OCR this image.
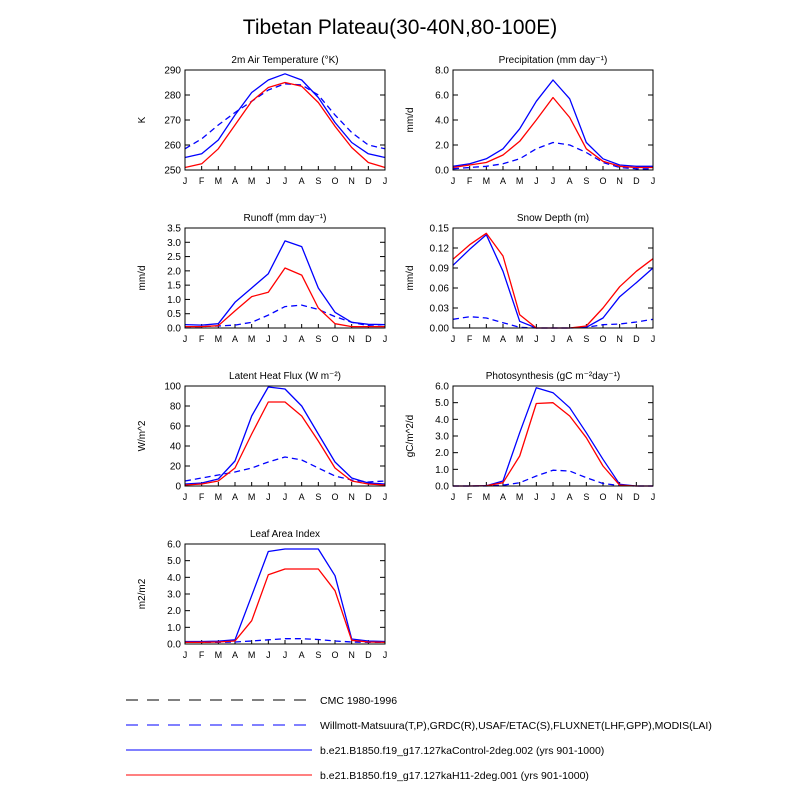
Tibetan Plateau(30-40N,80-100E)
2m Air Temperature (°K)
250
260
270
280
290
J F M A M J J A S O N D J
K
Precipitation (mm day⁻¹)
0.0
2.0
4.0
6.0
8.0
J F M A M J J A S O N D J
mm/d
Runoff (mm day⁻¹)
0.0
0.5
1.0
1.5
2.0
2.5
3.0
3.5
J F M A M J J A S O N D J
mm/d
Snow Depth (m)
0.00
0.03
0.06
0.09
0.12
0.15
J F M A M J J A S O N D J
mm/d
Latent Heat Flux (W m⁻²)
0
20
40
60
80
100
J F M A M J J A S O N D J
W/m^2
Photosynthesis (gC m⁻²day⁻¹)
0.0
1.0
2.0
3.0
4.0
5.0
6.0
J F M A M J J A S O N D J
gC/m^2/d
Leaf Area Index
0.0
1.0
2.0
3.0
4.0
5.0
6.0
J F M A M J J A S O N D J
m2/m2
CMC 1980-1996
Willmott-Matsuura(T,P),GRDC(R),USAF/ETAC(S),FLUXNET(LHF,GPP),MODIS(LAI)
b.e21.B1850.f19_g17.127kaControl-2deg.002 (yrs 901-1000)
b.e21.B1850.f19_g17.127kaH11-2deg.001 (yrs 901-1000)
